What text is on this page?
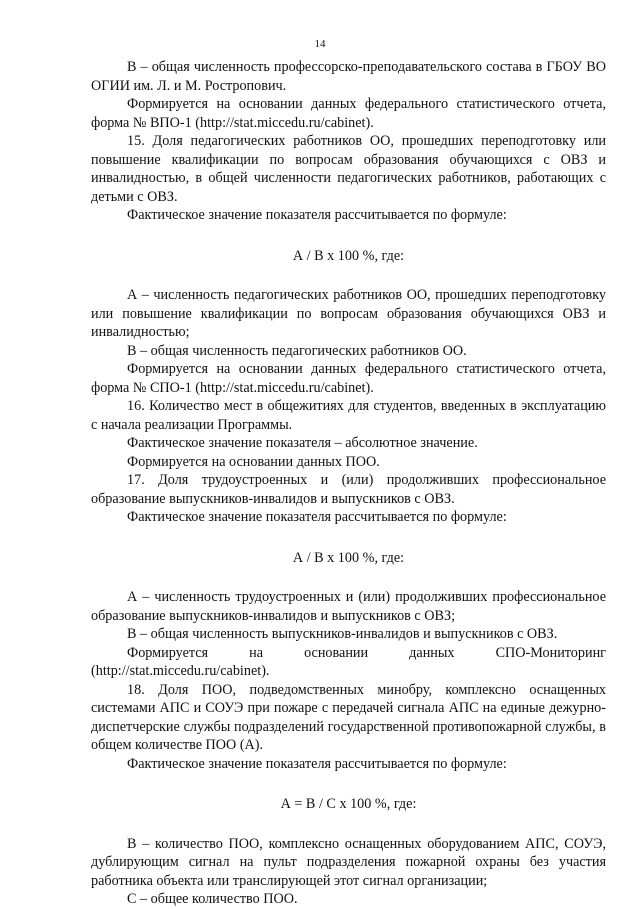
14

В – общая численность профессорско-преподавательского состава в ГБОУ ВО ОГИИ им. Л. и М. Ростропович.

Формируется на основании данных федерального статистического отчета, форма № ВПО-1 (http://stat.miccedu.ru/cabinet).

15. Доля педагогических работников ОО, прошедших переподготовку или повышение квалификации по вопросам образования обучающихся с ОВЗ и инвалидностью, в общей численности педагогических работников, работающих с детьми с ОВЗ.

Фактическое значение показателя рассчитывается по формуле:

А / В х 100 %, где:

А – численность педагогических работников ОО, прошедших переподготовку или повышение квалификации по вопросам образования обучающихся ОВЗ и инвалидностью;

В – общая численность педагогических работников ОО.

Формируется на основании данных федерального статистического отчета, форма № СПО-1 (http://stat.miccedu.ru/cabinet).

16. Количество мест в общежитиях для студентов, введенных в эксплуатацию с начала реализации Программы.

Фактическое значение показателя – абсолютное значение.

Формируется на основании данных ПОО.

17. Доля трудоустроенных и (или) продолживших профессиональное образование выпускников-инвалидов и выпускников с ОВЗ.

Фактическое значение показателя рассчитывается по формуле:

А / В х 100 %, где:

А – численность трудоустроенных и (или) продолживших профессиональное образование выпускников-инвалидов и выпускников с ОВЗ;

В – общая численность выпускников-инвалидов и выпускников с ОВЗ.

Формируется на основании данных СПО-Мониторинг

(http://stat.miccedu.ru/cabinet).

18. Доля ПОО, подведомственных минобру, комплексно оснащенных системами АПС и СОУЭ при пожаре с передачей сигнала АПС на единые дежурно-диспетчерские службы подразделений государственной противопожарной службы, в общем количестве ПОО (А).

Фактическое значение показателя рассчитывается по формуле:

А = В / С х 100 %, где:

В – количество ПОО, комплексно оснащенных оборудованием АПС, СОУЭ, дублирующим сигнал на пульт подразделения пожарной охраны без участия работника объекта или транслирующей этот сигнал организации;

С – общее количество ПОО.
